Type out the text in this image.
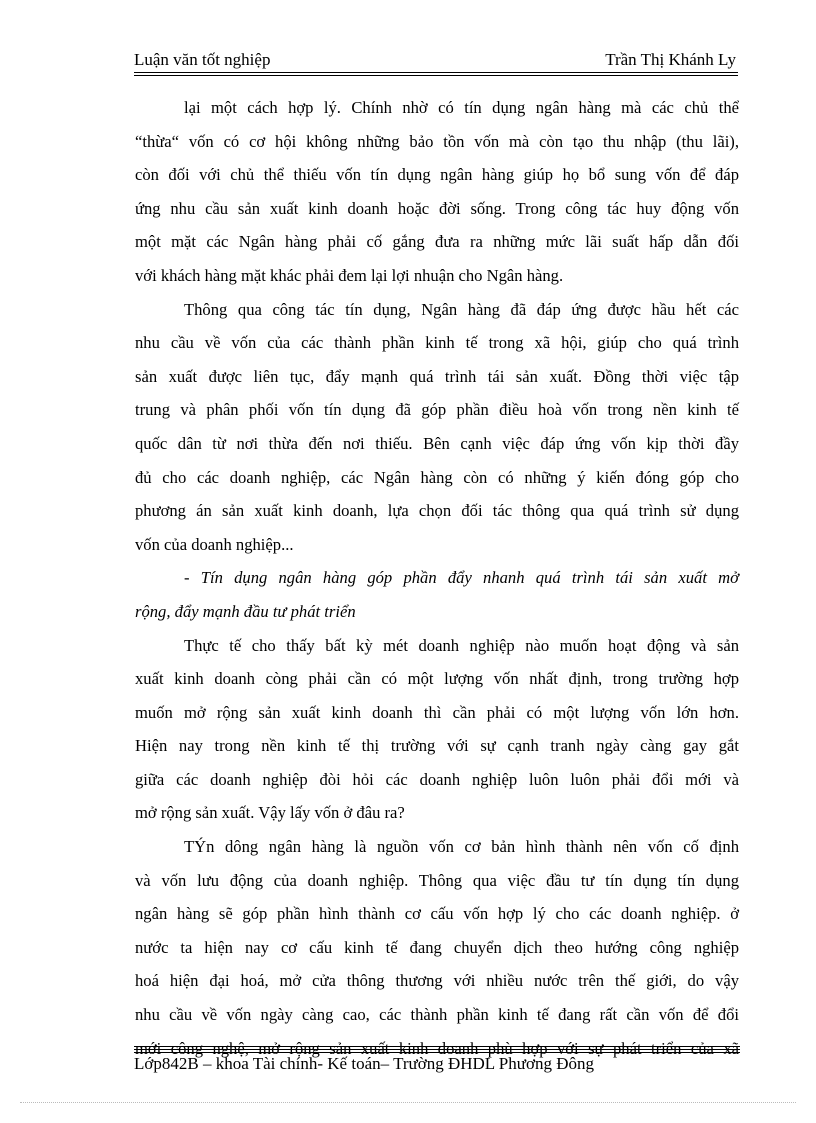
Luận văn tốt nghiệp	Trần Thị Khánh Ly
lại một cách hợp lý. Chính nhờ có tín dụng ngân hàng mà các chủ thể
“thừa“ vốn có cơ hội không những bảo tồn vốn mà còn tạo thu nhập (thu lãi),
còn đối với chủ thể thiếu vốn tín dụng ngân hàng giúp họ bổ sung vốn để đáp
ứng nhu cầu sản xuất kinh doanh hoặc đời sống. Trong công tác huy động vốn
một mặt các Ngân hàng phải cố gắng đưa ra những mức lãi suất hấp dẫn đối
với khách hàng mặt khác phải đem lại lợi nhuận cho Ngân hàng.
Thông qua công tác tín dụng, Ngân hàng đã đáp ứng được hầu hết các
nhu cầu về vốn của các thành phần kinh tế trong xã hội, giúp cho quá trình
sản xuất được liên tục, đẩy mạnh quá trình tái sản xuất. Đồng thời việc tập
trung và phân phối vốn tín dụng đã góp phần điều hoà vốn trong nền kinh tế
quốc dân từ nơi thừa đến nơi thiếu. Bên cạnh việc đáp ứng vốn kịp thời đầy
đủ cho các doanh nghiệp, các Ngân hàng còn có những ý kiến đóng góp cho
phương án sản xuất kinh doanh, lựa chọn đối tác thông qua quá trình sử dụng
vốn của doanh nghiệp...
- Tín dụng ngân hàng góp phần đẩy nhanh quá trình tái sản xuất mở
rộng, đẩy mạnh đầu tư phát triển
Thực tế cho thấy bất kỳ mét doanh nghiệp nào muốn hoạt động và sản
xuất kinh doanh còng phải cần có một lượng vốn nhất định, trong trường hợp
muốn mở rộng sản xuất kinh doanh thì cần phải có một lượng vốn lớn hơn.
Hiện nay trong nền kinh tế thị trường với sự cạnh tranh ngày càng gay gắt
giữa các doanh nghiệp đòi hỏi các doanh nghiệp luôn luôn phải đổi mới và
mở rộng sản xuất. Vậy lấy vốn ở đâu ra?
TÝn dông ngân hàng là nguồn vốn cơ bản hình thành nên vốn cố định
và vốn lưu động của doanh nghiệp. Thông qua việc đầu tư tín dụng tín dụng
ngân hàng sẽ góp phần hình thành cơ cấu vốn hợp lý cho các doanh nghiệp. ở
nước ta hiện nay cơ cấu kinh tế đang chuyển dịch theo hướng công nghiệp
hoá hiện đại hoá, mở cửa thông thương với nhiều nước trên thế giới, do vậy
nhu cầu về vốn ngày càng cao, các thành phần kinh tế đang rất cần vốn để đổi
mới công nghệ, mở rộng sản xuất kinh doanh phù hợp với sự phát triển của xã
Lớp842B – khoa Tài chính- Kế toán– Trường ĐHDL Phương Đông
